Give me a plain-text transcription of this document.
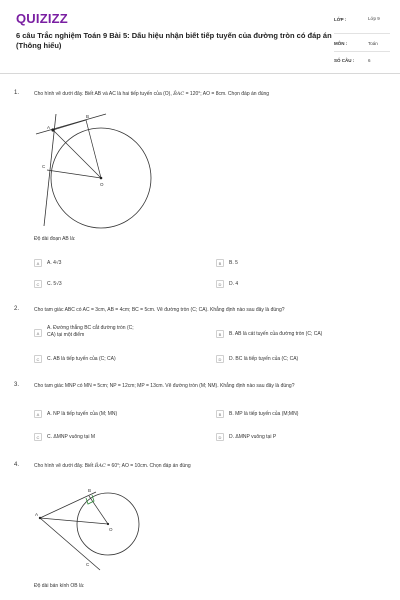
QUIZIZZ
6 câu Trắc nghiệm Toán 9 Bài 5: Dấu hiệu nhận biết tiếp tuyến của đường tròn có đáp án (Thông hiểu)
LỚP :	Lớp 9
MÔN :	Toán
SỐ CÂU :	6
1.	Cho hình vẽ dưới đây. Biết AB và AC là hai tiếp tuyến của (O), B̂AC = 120°; AO = 8cm. Chọn đáp án đúng
A
B
C
O
Độ dài đoạn AB là:
A	A. 4√3	B	B. 5
C	C. 5√3	D	D. 4
2.	Cho tam giác ABC có AC = 3cm, AB = 4cm; BC = 5cm. Vẽ đường tròn (C; CA). Khẳng định nào sau đây là đúng?
A
A. Đường thẳng BC cắt đường tròn (C; CA) tại một điểm	B	B. AB là cát tuyến của đường tròn (C; CA)
C	C. AB là tiếp tuyến của (C; CA)	D	D. BC là tiếp tuyến của (C; CA)
3.	Cho tam giác MNP có MN = 5cm; NP = 12cm; MP = 13cm. Vẽ đường tròn (M; NM). Khẳng định nào sau đây là đúng?
A	A. NP là tiếp tuyến của (M; MN)	B	B. MP là tiếp tuyến của (M;MN)
C	C. ΔMNP vuông tại M	D	D. ΔMNP vuông tại P
4.	Cho hình vẽ dưới đây. Biết B̂AC = 60°; AO = 10cm. Chọn đáp án đúng
A
B
C
O
Độ dài bán kính OB là:
